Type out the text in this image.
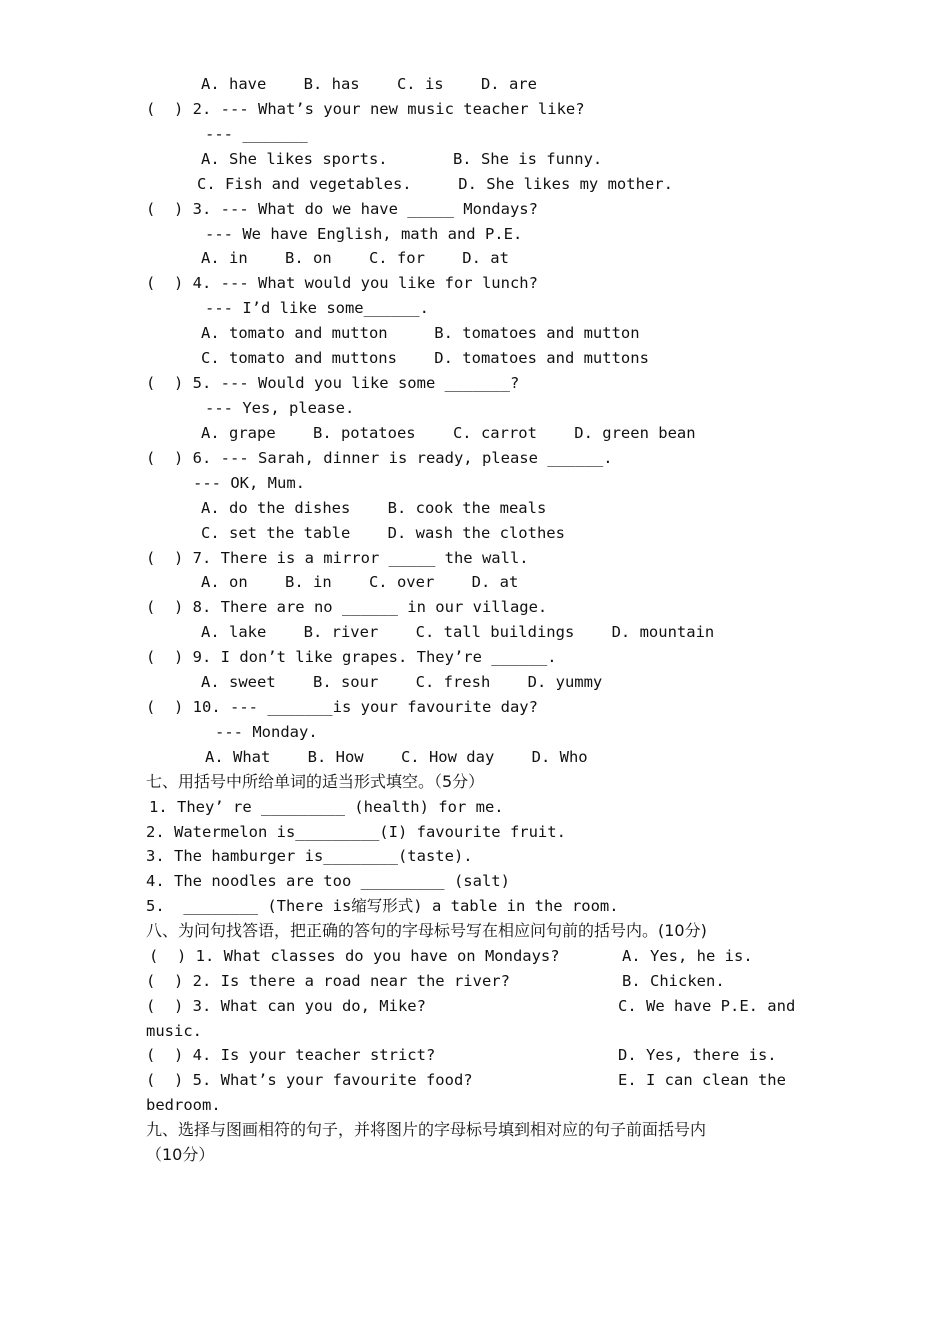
A. have    B. has    C. is    D. are
(  ) 2. --- What’s your new music teacher like?
--- _______
A. She likes sports.       B. She is funny.
C. Fish and vegetables.     D. She likes my mother.
(  ) 3. --- What do we have _____ Mondays?
--- We have English, math and P.E.
A. in    B. on    C. for    D. at
(  ) 4. --- What would you like for lunch?
--- I’d like some______.
A. tomato and mutton     B. tomatoes and mutton
C. tomato and muttons    D. tomatoes and muttons
(  ) 5. --- Would you like some _______?
--- Yes, please.
A. grape    B. potatoes    C. carrot    D. green bean
(  ) 6. --- Sarah, dinner is ready, please ______.
--- OK, Mum.
A. do the dishes    B. cook the meals
C. set the table    D. wash the clothes
(  ) 7. There is a mirror _____ the wall.
A. on    B. in    C. over    D. at
(  ) 8. There are no ______ in our village.
A. lake    B. river    C. tall buildings    D. mountain
(  ) 9. I don’t like grapes. They’re ______.
A. sweet    B. sour    C. fresh    D. yummy
(  ) 10. --- _______is your favourite day?
--- Monday.
A. What    B. How    C. How day    D. Who
七、用括号中所给单词的适当形式填空。（5分）
1. They’ re _________ (health) for me.
2. Watermelon is_________(I) favourite fruit.
3. The hamburger is________(taste).
4. The noodles are too _________ (salt)
5.  ________ (There is缩写形式) a table in the room.
八、为问句找答语，把正确的答句的字母标号写在相应问句前的括号内。(10分)
(  ) 1. What classes do you have on Mondays?	A. Yes, he is.
(  ) 2. Is there a road near the river?	B. Chicken.
(  ) 3. What can you do, Mike?	C. We have P.E. and
music.
(  ) 4. Is your teacher strict?	D. Yes, there is.
(  ) 5. What’s your favourite food?	E. I can clean the
bedroom.
九、选择与图画相符的句子，并将图片的字母标号填到相对应的句子前面括号内
（10分）
